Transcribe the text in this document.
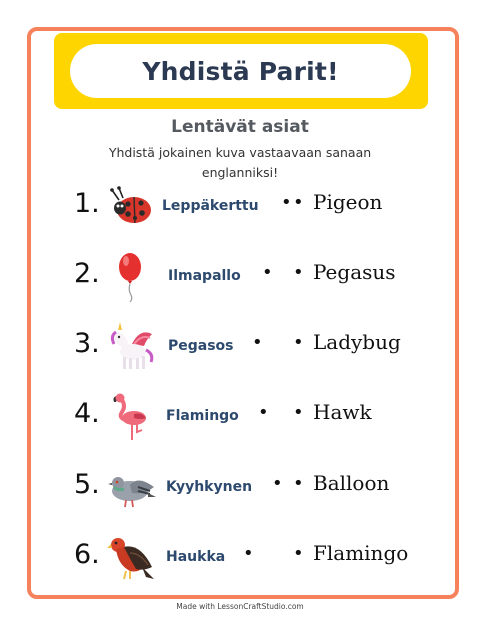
Yhdistä Parit!
Lentävät asiat
Yhdistä jokainen kuva vastaavaan sanaan englanniksi!
1.	Leppäkerttu • • Pigeon
2.	Ilmapallo • • Pegasus
3.	Pegasos • • Ladybug
4.	Flamingo • • Hawk
5.	Kyyhkynen • • Balloon
6.	Haukka • • Flamingo
Made with LessonCraftStudio.com
